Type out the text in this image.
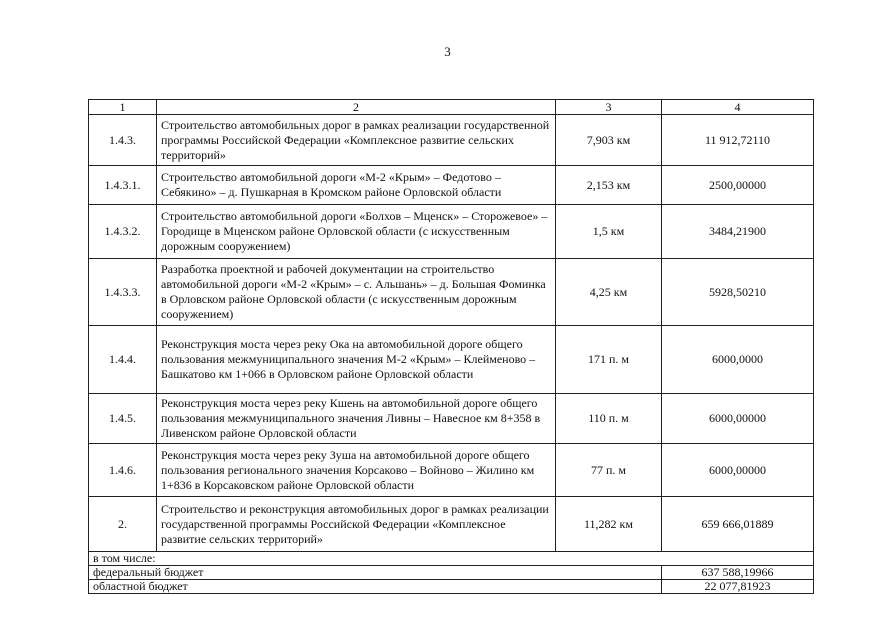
3
1	2	3	4
1.4.3.	Строительство автомобильных дорог в рамках реализации государственной программы Российской Федерации «Комплексное развитие сельских территорий»	7,903 км	11 912,72110
1.4.3.1.	Строительство автомобильной дороги «М-2 «Крым» – Федотово – Себякино» – д. Пушкарная в Кромском районе Орловской области	2,153 км	2500,00000
1.4.3.2.	Строительство автомобильной дороги «Болхов – Мценск» – Сторожевое» – Городище в Мценском районе Орловской области (с искусственным дорожным сооружением)	1,5 км	3484,21900
1.4.3.3.	Разработка проектной и рабочей документации на строительство автомобильной дороги «М-2 «Крым» – с. Альшань» – д. Большая Фоминка в Орловском районе Орловской области (с искусственным дорожным сооружением)	4,25 км	5928,50210
1.4.4.	Реконструкция моста через реку Ока на автомобильной дороге общего пользования межмуниципального значения М-2 «Крым» – Клейменово – Башкатово км 1+066 в Орловском районе Орловской области	171 п. м	6000,0000
1.4.5.	Реконструкция моста через реку Кшень на автомобильной дороге общего пользования межмуниципального значения Ливны – Навесное км 8+358 в Ливенском районе Орловской области	110 п. м	6000,00000
1.4.6.	Реконструкция моста через реку Зуша на автомобильной дороге общего пользования регионального значения Корсаково – Войново – Жилино км 1+836 в Корсаковском районе Орловской области	77 п. м	6000,00000
2.	Строительство и реконструкция автомобильных дорог в рамках реализации государственной программы Российской Федерации «Комплексное развитие сельских территорий»	11,282 км	659 666,01889
в том числе:			
федеральный бюджет			637 588,19966
областной бюджет			22 077,81923
